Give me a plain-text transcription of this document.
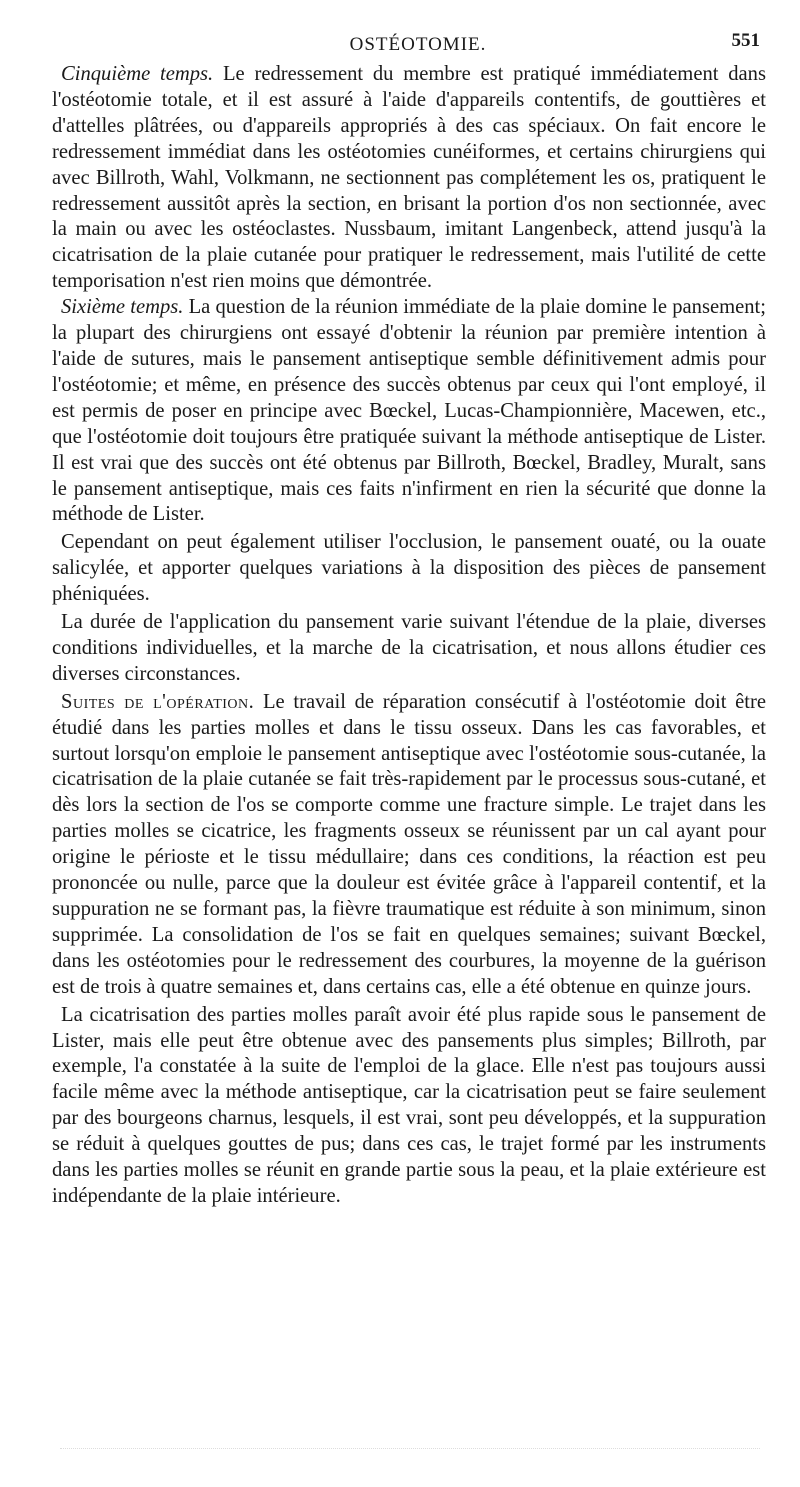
OSTÉOTOMIE.	551

Cinquième temps. Le redressement du membre est pratiqué immédiatement dans l'ostéotomie totale, et il est assuré à l'aide d'appareils contentifs, de gouttières et d'attelles plâtrées, ou d'appareils appropriés à des cas spéciaux. On fait encore le redressement immédiat dans les ostéotomies cunéiformes, et certains chirurgiens qui avec Billroth, Wahl, Volkmann, ne sectionnent pas complétement les os, pratiquent le redressement aussitôt après la section, en brisant la portion d'os non sectionnée, avec la main ou avec les ostéoclastes. Nussbaum, imitant Langenbeck, attend jusqu'à la cicatrisation de la plaie cutanée pour pratiquer le redressement, mais l'utilité de cette temporisation n'est rien moins que démontrée.

Sixième temps. La question de la réunion immédiate de la plaie domine le pansement; la plupart des chirurgiens ont essayé d'obtenir la réunion par première intention à l'aide de sutures, mais le pansement antiseptique semble définitivement admis pour l'ostéotomie; et même, en présence des succès obtenus par ceux qui l'ont employé, il est permis de poser en principe avec Bœckel, Lucas-Championnière, Macewen, etc., que l'ostéotomie doit toujours être pratiquée suivant la méthode antiseptique de Lister. Il est vrai que des succès ont été obtenus par Billroth, Bœckel, Bradley, Muralt, sans le pansement antiseptique, mais ces faits n'infirment en rien la sécurité que donne la méthode de Lister.

Cependant on peut également utiliser l'occlusion, le pansement ouaté, ou la ouate salicylée, et apporter quelques variations à la disposition des pièces de pansement phéniquées.

La durée de l'application du pansement varie suivant l'étendue de la plaie, diverses conditions individuelles, et la marche de la cicatrisation, et nous allons étudier ces diverses circonstances.

Suites de l'opération. Le travail de réparation consécutif à l'ostéotomie doit être étudié dans les parties molles et dans le tissu osseux. Dans les cas favorables, et surtout lorsqu'on emploie le pansement antiseptique avec l'ostéotomie sous-cutanée, la cicatrisation de la plaie cutanée se fait très-rapidement par le processus sous-cutané, et dès lors la section de l'os se comporte comme une fracture simple. Le trajet dans les parties molles se cicatrice, les fragments osseux se réunissent par un cal ayant pour origine le périoste et le tissu médullaire; dans ces conditions, la réaction est peu prononcée ou nulle, parce que la douleur est évitée grâce à l'appareil contentif, et la suppuration ne se formant pas, la fièvre traumatique est réduite à son minimum, sinon supprimée. La consolidation de l'os se fait en quelques semaines; suivant Bœckel, dans les ostéotomies pour le redressement des courbures, la moyenne de la guérison est de trois à quatre semaines et, dans certains cas, elle a été obtenue en quinze jours.

La cicatrisation des parties molles paraît avoir été plus rapide sous le pansement de Lister, mais elle peut être obtenue avec des pansements plus simples; Billroth, par exemple, l'a constatée à la suite de l'emploi de la glace. Elle n'est pas toujours aussi facile même avec la méthode antiseptique, car la cicatrisation peut se faire seulement par des bourgeons charnus, lesquels, il est vrai, sont peu développés, et la suppuration se réduit à quelques gouttes de pus; dans ces cas, le trajet formé par les instruments dans les parties molles se réunit en grande partie sous la peau, et la plaie extérieure est indépendante de la plaie intérieure.
